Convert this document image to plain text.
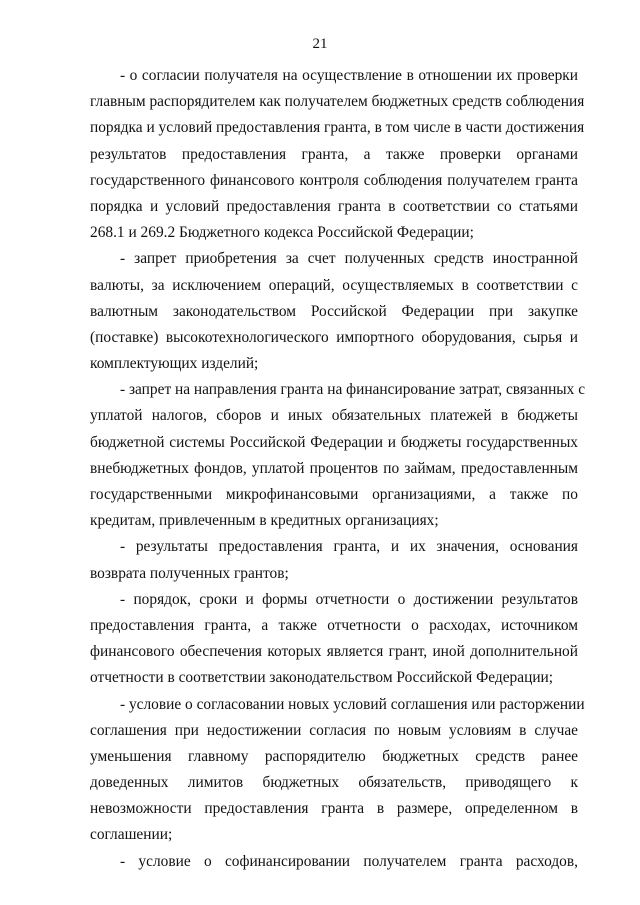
21
- о согласии получателя на осуществление в отношении их проверки
главным распорядителем как получателем бюджетных средств соблюдения
порядка и условий предоставления гранта, в том числе в части достижения
результатов предоставления гранта, а также проверки органами
государственного финансового контроля соблюдения получателем гранта
порядка и условий предоставления гранта в соответствии со статьями
268.1 и 269.2 Бюджетного кодекса Российской Федерации;
- запрет приобретения за счет полученных средств иностранной
валюты, за исключением операций, осуществляемых в соответствии с
валютным законодательством Российской Федерации при закупке
(поставке) высокотехнологического импортного оборудования, сырья и
комплектующих изделий;
- запрет на направления гранта на финансирование затрат, связанных с
уплатой налогов, сборов и иных обязательных платежей в бюджеты
бюджетной системы Российской Федерации и бюджеты государственных
внебюджетных фондов, уплатой процентов по займам, предоставленным
государственными микрофинансовыми организациями, а также по
кредитам, привлеченным в кредитных организациях;
- результаты предоставления гранта, и их значения, основания
возврата полученных грантов;
- порядок, сроки и формы отчетности о достижении результатов
предоставления гранта, а также отчетности о расходах, источником
финансового обеспечения которых является грант, иной дополнительной
отчетности в соответствии законодательством Российской Федерации;
- условие о согласовании новых условий соглашения или расторжении
соглашения при недостижении согласия по новым условиям в случае
уменьшения главному распорядителю бюджетных средств ранее
доведенных лимитов бюджетных обязательств, приводящего к
невозможности предоставления гранта в размере, определенном в
соглашении;
- условие о софинансировании получателем гранта расходов,
